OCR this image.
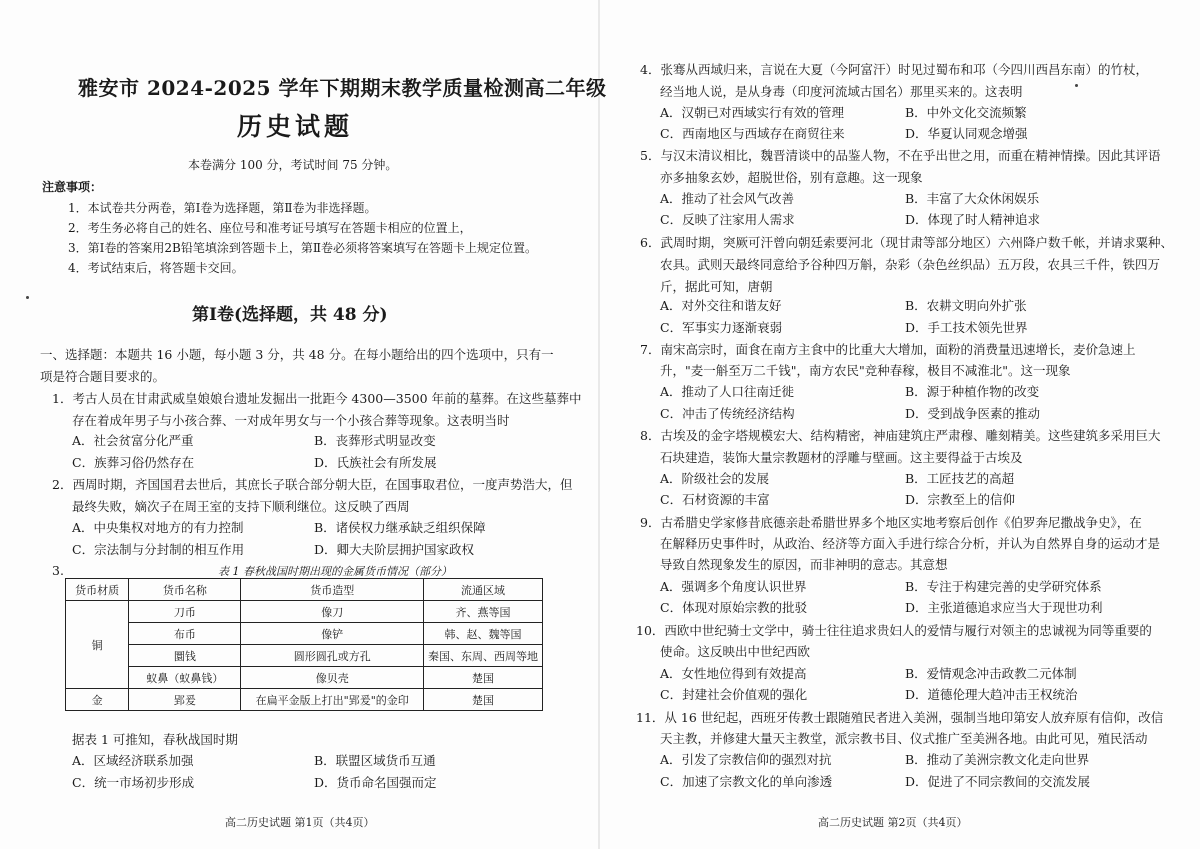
雅安市 2024-2025 学年下期期末教学质量检测高二年级
历史试题
本卷满分 100 分，考试时间 75 分钟。
注意事项：
1．本试卷共分两卷，第Ⅰ卷为选择题，第Ⅱ卷为非选择题。
2．考生务必将自己的姓名、座位号和准考证号填写在答题卡相应的位置上，
3．第Ⅰ卷的答案用2B铅笔填涂到答题卡上，第Ⅱ卷必须将答案填写在答题卡上规定位置。
4．考试结束后，将答题卡交回。
第Ⅰ卷(选择题，共 48 分)
一、选择题：本题共 16 小题，每小题 3 分，共 48 分。在每小题给出的四个选项中，只有一
项是符合题目要求的。
1．考古人员在甘肃武威皇娘娘台遗址发掘出一批距今 4300—3500 年前的墓葬。在这些墓葬中
存在着成年男子与小孩合葬、一对成年男女与一个小孩合葬等现象。这表明当时
A．社会贫富分化严重	B．丧葬形式明显改变
C．族葬习俗仍然存在	D．氏族社会有所发展
2．西周时期，齐国国君去世后，其庶长子联合部分朝大臣，在国事取君位，一度声势浩大，但
最终失败，嫡次子在周王室的支持下顺利继位。这反映了西周
A．中央集权对地方的有力控制	B．诸侯权力继承缺乏组织保障
C．宗法制与分封制的相互作用	D．卿大夫阶层拥护国家政权
3.	表 1 春秋战国时期出现的金属货币情况（部分）
货币材质	货币名称	货币造型	流通区域
铜	刀币	像刀	齐、燕等国
	布币	像铲	韩、赵、魏等国
	圜钱	圆形圆孔或方孔	秦国、东周、西周等地
	蚁鼻（蚁鼻钱）	像贝壳	楚国
金	郢爰	在扁平金版上打出"郢爰"的金印	楚国
据表 1 可推知，春秋战国时期
A．区域经济联系加强	B．联盟区域货币互通
C．统一市场初步形成	D．货币命名国强而定
高二历史试题 第1页（共4页）
4．张骞从西域归来，言说在大夏（今阿富汗）时见过蜀布和邛（今四川西昌东南）的竹杖，
经当地人说，是从身毒（印度河流域古国名）那里买来的。这表明
A．汉朝已对西域实行有效的管理	B．中外文化交流频繁
C．西南地区与西域存在商贸往来	D．华夏认同观念增强
5．与汉末清议相比，魏晋清谈中的品鉴人物，不在乎出世之用，而重在精神情操。因此其评语
亦多抽象玄妙，超脱世俗，别有意趣。这一现象
A．推动了社会风气改善	B．丰富了大众休闲娱乐
C．反映了注家用人需求	D．体现了时人精神追求
6．武周时期，突厥可汗曾向朝廷索要河北（现甘肃等部分地区）六州降户数千帐，并请求粟种、
农具。武则天最终同意给予谷种四万斛，杂彩（杂色丝织品）五万段，农具三千件，铁四万
斤，据此可知，唐朝
A．对外交往和谐友好	B．农耕文明向外扩张
C．军事实力逐渐衰弱	D．手工技术领先世界
7．南宋高宗时，面食在南方主食中的比重大大增加，面粉的消费量迅速增长，麦价急速上
升，"麦一斛至万二千钱"，南方农民"竞种春稼，极目不减淮北"。这一现象
A．推动了人口往南迁徙	B．源于种植作物的改变
C．冲击了传统经济结构	D．受到战争医素的推动
8．古埃及的金字塔规模宏大、结构精密，神庙建筑庄严肃穆、雕刻精美。这些建筑多采用巨大
石块建造，装饰大量宗教题材的浮雕与壁画。这主要得益于古埃及
A．阶级社会的发展	B．工匠技艺的高超
C．石材资源的丰富	D．宗教至上的信仰
9．古希腊史学家修昔底德亲赴希腊世界多个地区实地考察后创作《伯罗奔尼撒战争史》，在
在解释历史事件时，从政治、经济等方面入手进行综合分析，并认为自然界自身的运动才是
导致自然现象发生的原因，而非神明的意志。其意想
A．强调多个角度认识世界	B．专注于构建完善的史学研究体系
C．体现对原始宗教的批驳	D．主张道德追求应当大于现世功利
10．西欧中世纪骑士文学中，骑士往往追求贵妇人的爱情与履行对领主的忠诚视为同等重要的
使命。这反映出中世纪西欧
A．女性地位得到有效提高	B．爱情观念冲击政教二元体制
C．封建社会价值观的强化	D．道德伦理大趋冲击王权统治
11．从 16 世纪起，西班牙传教士跟随殖民者进入美洲，强制当地印第安人放弃原有信仰，改信
天主教，并修建大量天主教堂，派宗教书目、仪式推广至美洲各地。由此可见，殖民活动
A．引发了宗教信仰的强烈对抗	B．推动了美洲宗教文化走向世界
C．加速了宗教文化的单向渗透	D．促进了不同宗教间的交流发展
高二历史试题 第2页（共4页）
